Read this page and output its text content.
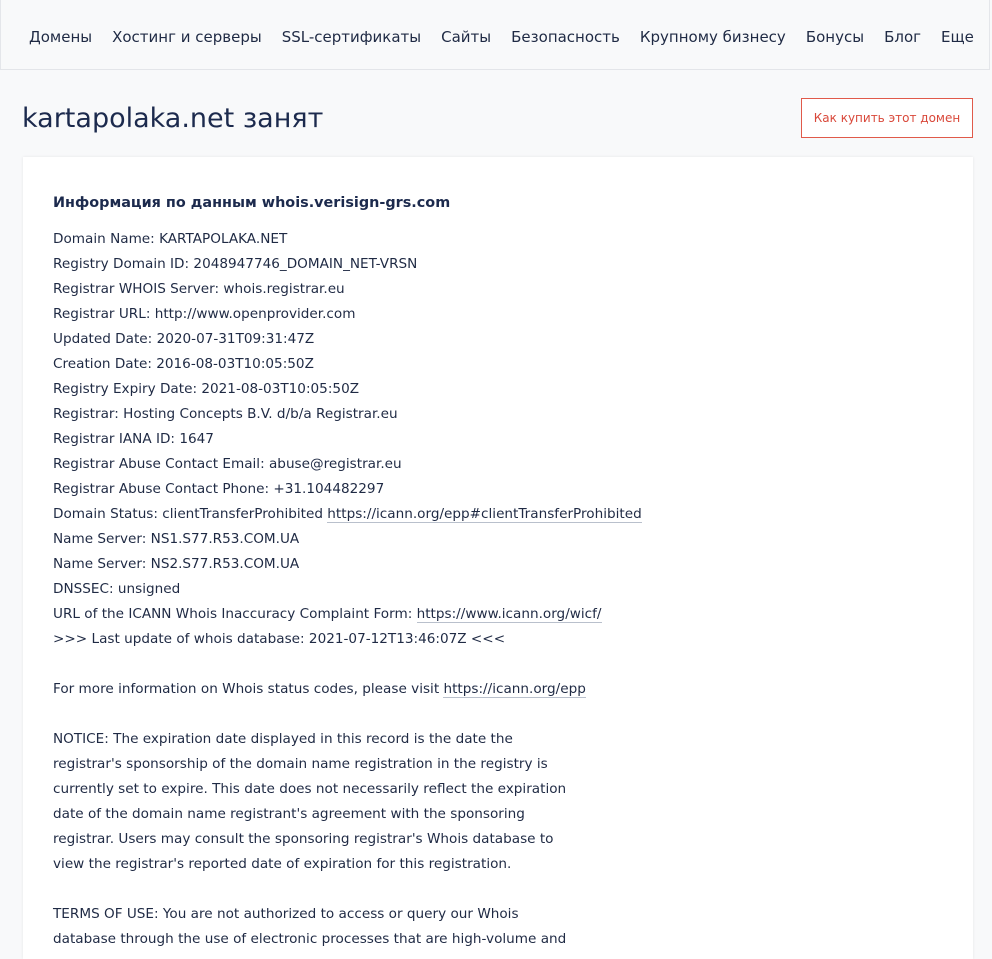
Домены Хостинг и серверы SSL-сертификаты Сайты Безопасность Крупному бизнесу Бонусы Блог Еще
kartapolaka.net занят	Как купить этот домен
Информация по данным whois.verisign-grs.com
Domain Name: KARTAPOLAKA.NET
Registry Domain ID: 2048947746_DOMAIN_NET-VRSN
Registrar WHOIS Server: whois.registrar.eu
Registrar URL: http://www.openprovider.com
Updated Date: 2020-07-31T09:31:47Z
Creation Date: 2016-08-03T10:05:50Z
Registry Expiry Date: 2021-08-03T10:05:50Z
Registrar: Hosting Concepts B.V. d/b/a Registrar.eu
Registrar IANA ID: 1647
Registrar Abuse Contact Email: abuse@registrar.eu
Registrar Abuse Contact Phone: +31.104482297
Domain Status: clientTransferProhibited https://icann.org/epp#clientTransferProhibited
Name Server: NS1.S77.R53.COM.UA
Name Server: NS2.S77.R53.COM.UA
DNSSEC: unsigned
URL of the ICANN Whois Inaccuracy Complaint Form: https://www.icann.org/wicf/
>>> Last update of whois database: 2021-07-12T13:46:07Z <<<
For more information on Whois status codes, please visit https://icann.org/epp
NOTICE: The expiration date displayed in this record is the date the
registrar's sponsorship of the domain name registration in the registry is
currently set to expire. This date does not necessarily reflect the expiration
date of the domain name registrant's agreement with the sponsoring
registrar. Users may consult the sponsoring registrar's Whois database to
view the registrar's reported date of expiration for this registration.
TERMS OF USE: You are not authorized to access or query our Whois
database through the use of electronic processes that are high-volume and
